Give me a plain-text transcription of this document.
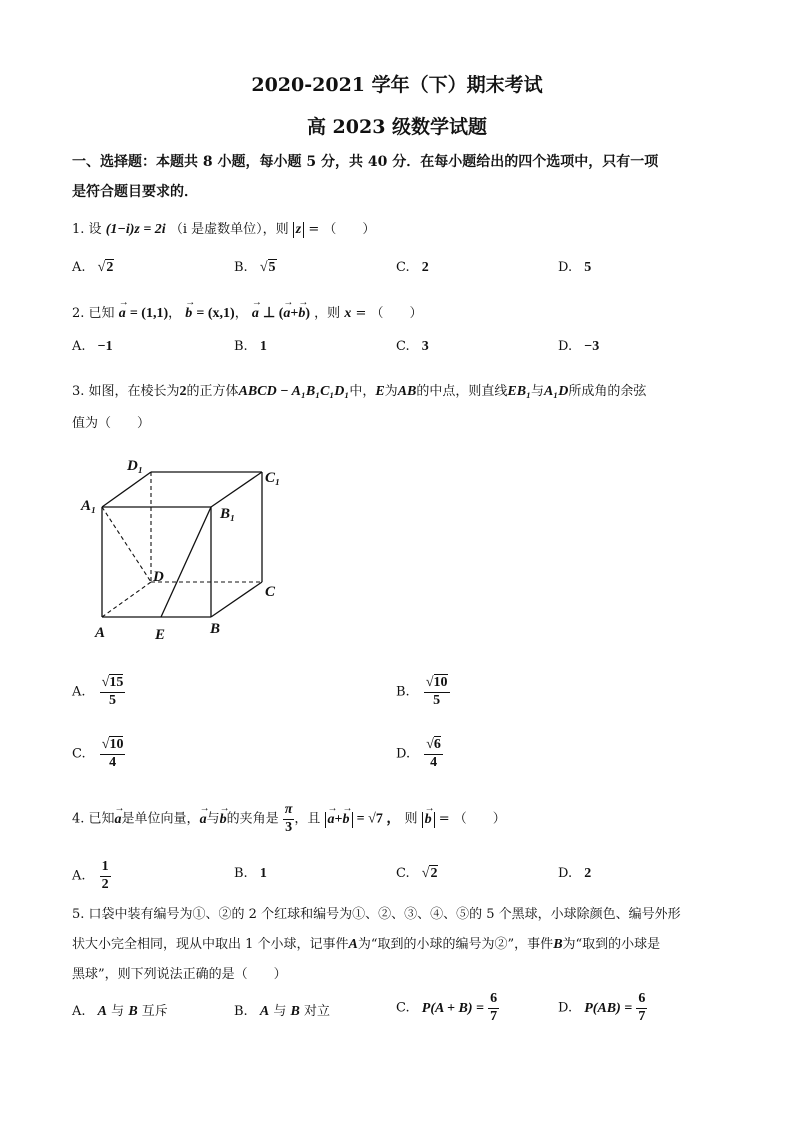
2020-2021 学年（下）期末考试
高 2023 级数学试题
一、选择题：本题共 8 小题，每小题 5 分，共 40 分．在每小题给出的四个选项中，只有一项
是符合题目要求的．
1. 设 (1−i)z = 2i （i 是虚数单位），则 z = （　　）
A. √2	B. √5	C. 2	D. 5
2. 已知 → a = (1,1)， → b = (x,1)， → a ⊥ (→ a+→ b) ，则 x = （　　）
A. −1	B. 1	C. 3	D. −3
3. 如图，在棱长为2的正方体ABCD − A₁B₁C₁D₁中，E为AB的中点，则直线EB₁与A₁D所成角的余弦
值为（　　）
D₁
C₁
A₁	B₁
D
C
A	E	B
A. $\frac{√15}{5}$	B. $\frac{√10}{5}$
C. $\frac{√10}{4}$	D. $\frac{√6}{4}$
4. 已知→ a是单位向量，→ a与→ b的夹角是 $\frac{\pi}{3}$ ，且 → a+→ b = √7 ， 则 → b = （　　）
A. $\frac{1}{2}$	B. 1	C. √2	D. 2
5. 口袋中装有编号为①、②的 2 个红球和编号为①、②、③、④、⑤的 5 个黑球，小球除颜色、编号外形
状大小完全相同，现从中取出 1 个小球，记事件A为“取到的小球的编号为②”，事件B为“取到的小球是
黑球”，则下列说法正确的是（　　）
A. A 与 B 互斥	B. A 与 B 对立	C. $P(A + B) = \frac{6}{7}$	D. $P(AB) = \frac{6}{7}$
